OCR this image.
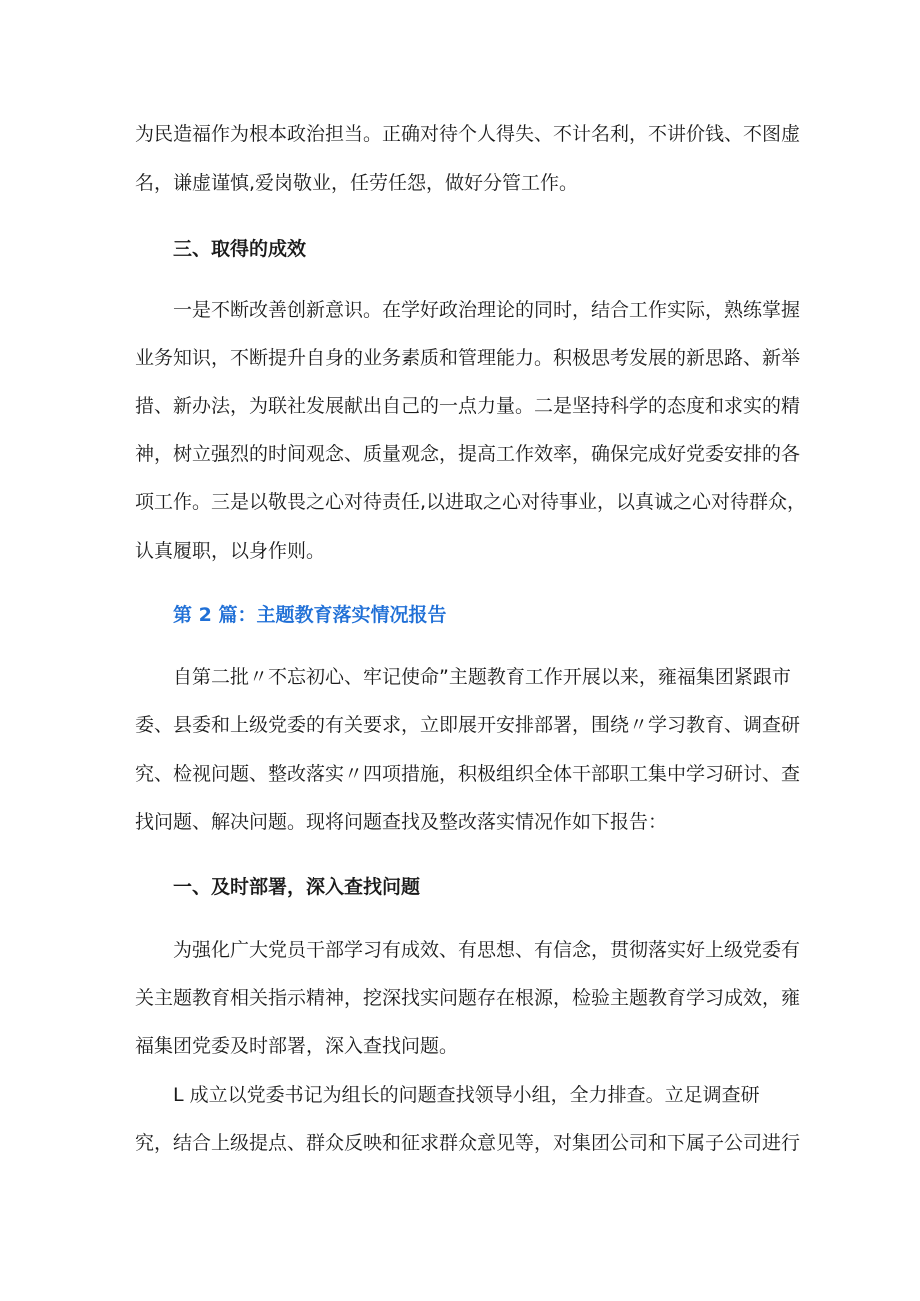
为民造福作为根本政治担当。正确对待个人得失、不计名利，不讲价钱、不图虚
名，谦虚谨慎,爱岗敬业，任劳任怨，做好分管工作。
三、取得的成效
一是不断改善创新意识。在学好政治理论的同时，结合工作实际，熟练掌握
业务知识，不断提升自身的业务素质和管理能力。积极思考发展的新思路、新举
措、新办法，为联社发展献出自己的一点力量。二是坚持科学的态度和求实的精
神，树立强烈的时间观念、质量观念，提高工作效率，确保完成好党委安排的各
项工作。三是以敬畏之心对待责任,以进取之心对待事业，以真诚之心对待群众，
认真履职，以身作则。
第 2 篇：主题教育落实情况报告
自第二批〃不忘初心、牢记使命”主题教育工作开展以来，雍福集团紧跟市
委、县委和上级党委的有关要求，立即展开安排部署，围绕〃学习教育、调查研
究、检视问题、整改落实〃四项措施，积极组织全体干部职工集中学习研讨、查
找问题、解决问题。现将问题查找及整改落实情况作如下报告：
一、及时部署，深入查找问题
为强化广大党员干部学习有成效、有思想、有信念，贯彻落实好上级党委有
关主题教育相关指示精神，挖深找实问题存在根源，检验主题教育学习成效，雍
福集团党委及时部署，深入查找问题。
L 成立以党委书记为组长的问题查找领导小组，全力排查。立足调查研
究，结合上级提点、群众反映和征求群众意见等，对集团公司和下属子公司进行
